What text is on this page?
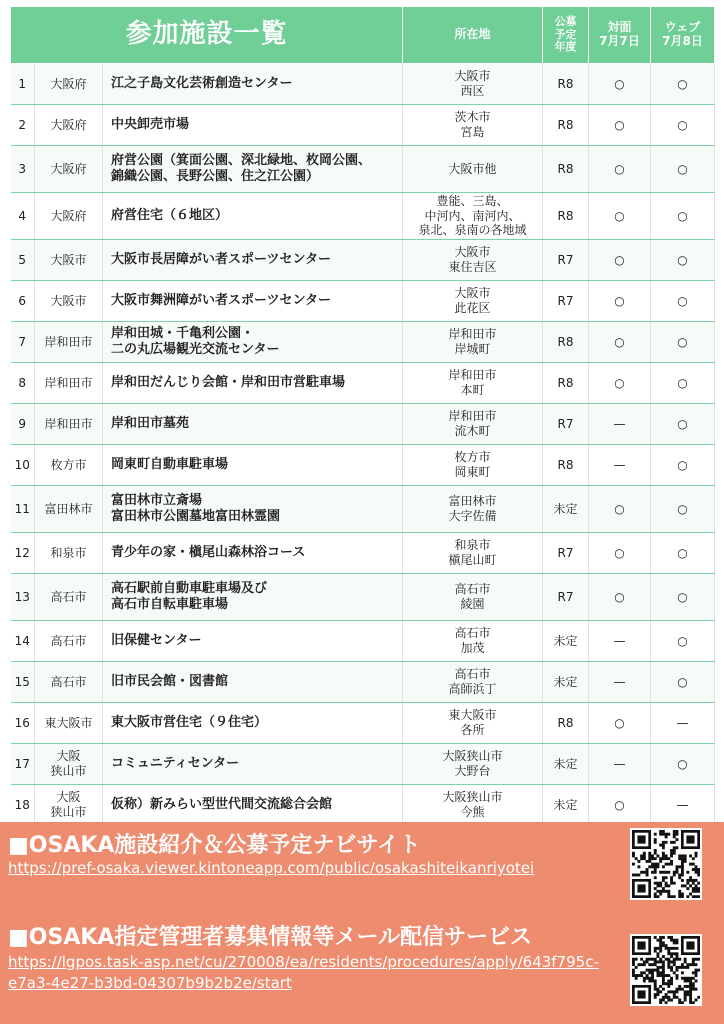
参加施設一覧			所在地	公募
予定
年度	対面
7月7日	ウェブ
7月8日
1	大阪府	江之子島文化芸術創造センター	大阪市
西区	R8	○	○
2	大阪府	中央卸売市場	茨木市
宮島	R8	○	○
3	大阪府	府営公園（箕面公園、深北緑地、枚岡公園、
錦織公園、長野公園、住之江公園）	大阪市他	R8	○	○
4	大阪府	府営住宅（６地区）	豊能、三島、
中河内、南河内、
泉北、泉南の各地域	R8	○	○
5	大阪市	大阪市長居障がい者スポーツセンター	大阪市
東住吉区	R7	○	○
6	大阪市	大阪市舞洲障がい者スポーツセンター	大阪市
此花区	R7	○	○
7	岸和田市	岸和田城・千亀利公園・
二の丸広場観光交流センター	岸和田市
岸城町	R8	○	○
8	岸和田市	岸和田だんじり会館・岸和田市営駐車場	岸和田市
本町	R8	○	○
9	岸和田市	岸和田市墓苑	岸和田市
流木町	R7	—	○
10	枚方市	岡東町自動車駐車場	枚方市
岡東町	R8	—	○
11	富田林市	富田林市立斎場
富田林市公園墓地富田林霊園	富田林市
大字佐備	未定	○	○
12	和泉市	青少年の家・槇尾山森林浴コース	和泉市
槇尾山町	R7	○	○
13	高石市	高石駅前自動車駐車場及び
高石市自転車駐車場	高石市
綾園	R7	○	○
14	高石市	旧保健センター	高石市
加茂	未定	—	○
15	高石市	旧市民会館・図書館	高石市
高師浜丁	未定	—	○
16	東大阪市	東大阪市営住宅（９住宅）	東大阪市
各所	R8	○	—
17	大阪
狭山市	コミュニティセンター	大阪狭山市
大野台	未定	—	○
18	大阪
狭山市	仮称）新みらい型世代間交流総合会館	大阪狭山市
今熊	未定	○	—
■OSAKA施設紹介＆公募予定ナビサイト
https://pref-osaka.viewer.kintoneapp.com/public/osakashiteikanriyotei
■OSAKA指定管理者募集情報等メール配信サービス
https://lgpos.task-asp.net/cu/270008/ea/residents/procedures/apply/643f795c-e7a3-4e27-b3bd-04307b9b2b2e/start
